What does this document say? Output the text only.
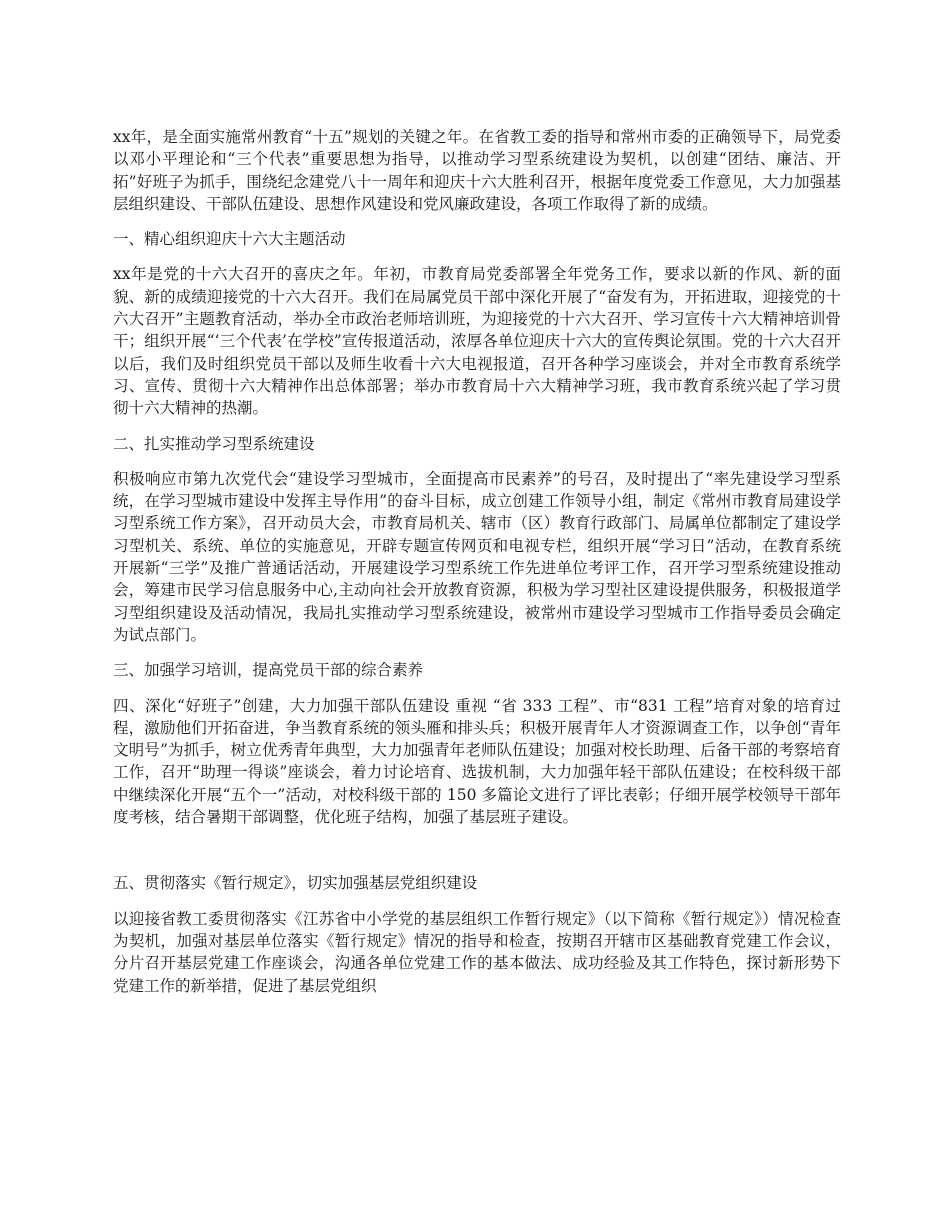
xx年，是全面实施常州教育“十五”规划的关键之年。在省教工委的指导和常州市委的正确领导下，局党委以邓小平理论和“三个代表”重要思想为指导，以推动学习型系统建设为契机，以创建“团结、廉洁、开拓”好班子为抓手，围绕纪念建党八十一周年和迎庆十六大胜利召开，根据年度党委工作意见，大力加强基层组织建设、干部队伍建设、思想作风建设和党风廉政建设，各项工作取得了新的成绩。

一、精心组织迎庆十六大主题活动

xx年是党的十六大召开的喜庆之年。年初，市教育局党委部署全年党务工作，要求以新的作风、新的面貌、新的成绩迎接党的十六大召开。我们在局属党员干部中深化开展了“奋发有为，开拓进取，迎接党的十六大召开”主题教育活动，举办全市政治老师培训班，为迎接党的十六大召开、学习宣传十六大精神培训骨干；组织开展“‘三个代表’在学校”宣传报道活动，浓厚各单位迎庆十六大的宣传舆论氛围。党的十六大召开以后，我们及时组织党员干部以及师生收看十六大电视报道，召开各种学习座谈会，并对全市教育系统学习、宣传、贯彻十六大精神作出总体部署；举办市教育局十六大精神学习班，我市教育系统兴起了学习贯彻十六大精神的热潮。

二、扎实推动学习型系统建设

积极响应市第九次党代会“建设学习型城市，全面提高市民素养”的号召，及时提出了“率先建设学习型系统，在学习型城市建设中发挥主导作用”的奋斗目标，成立创建工作领导小组，制定《常州市教育局建设学习型系统工作方案》，召开动员大会，市教育局机关、辖市（区）教育行政部门、局属单位都制定了建设学习型机关、系统、单位的实施意见，开辟专题宣传网页和电视专栏，组织开展“学习日”活动，在教育系统开展新“三学”及推广普通话活动，开展建设学习型系统工作先进单位考评工作，召开学习型系统建设推动会，筹建市民学习信息服务中心,主动向社会开放教育资源，积极为学习型社区建设提供服务，积极报道学习型组织建设及活动情况，我局扎实推动学习型系统建设，被常州市建设学习型城市工作指导委员会确定为试点部门。

三、加强学习培训，提高党员干部的综合素养

四、深化“好班子”创建，大力加强干部队伍建设 重视 “省 333 工程”、市“831 工程”培育对象的培育过程，激励他们开拓奋进，争当教育系统的领头雁和排头兵；积极开展青年人才资源调查工作，以争创“青年文明号”为抓手，树立优秀青年典型，大力加强青年老师队伍建设；加强对校长助理、后备干部的考察培育工作，召开“助理一得谈”座谈会，着力讨论培育、选拔机制，大力加强年轻干部队伍建设；在校科级干部中继续深化开展“五个一”活动，对校科级干部的 150 多篇论文进行了评比表彰；仔细开展学校领导干部年度考核，结合暑期干部调整，优化班子结构，加强了基层班子建设。

五、贯彻落实《暂行规定》，切实加强基层党组织建设

以迎接省教工委贯彻落实《江苏省中小学党的基层组织工作暂行规定》（以下简称《暂行规定》）情况检查为契机，加强对基层单位落实《暂行规定》情况的指导和检查，按期召开辖市区基础教育党建工作会议，分片召开基层党建工作座谈会，沟通各单位党建工作的基本做法、成功经验及其工作特色，探讨新形势下党建工作的新举措，促进了基层党组织
